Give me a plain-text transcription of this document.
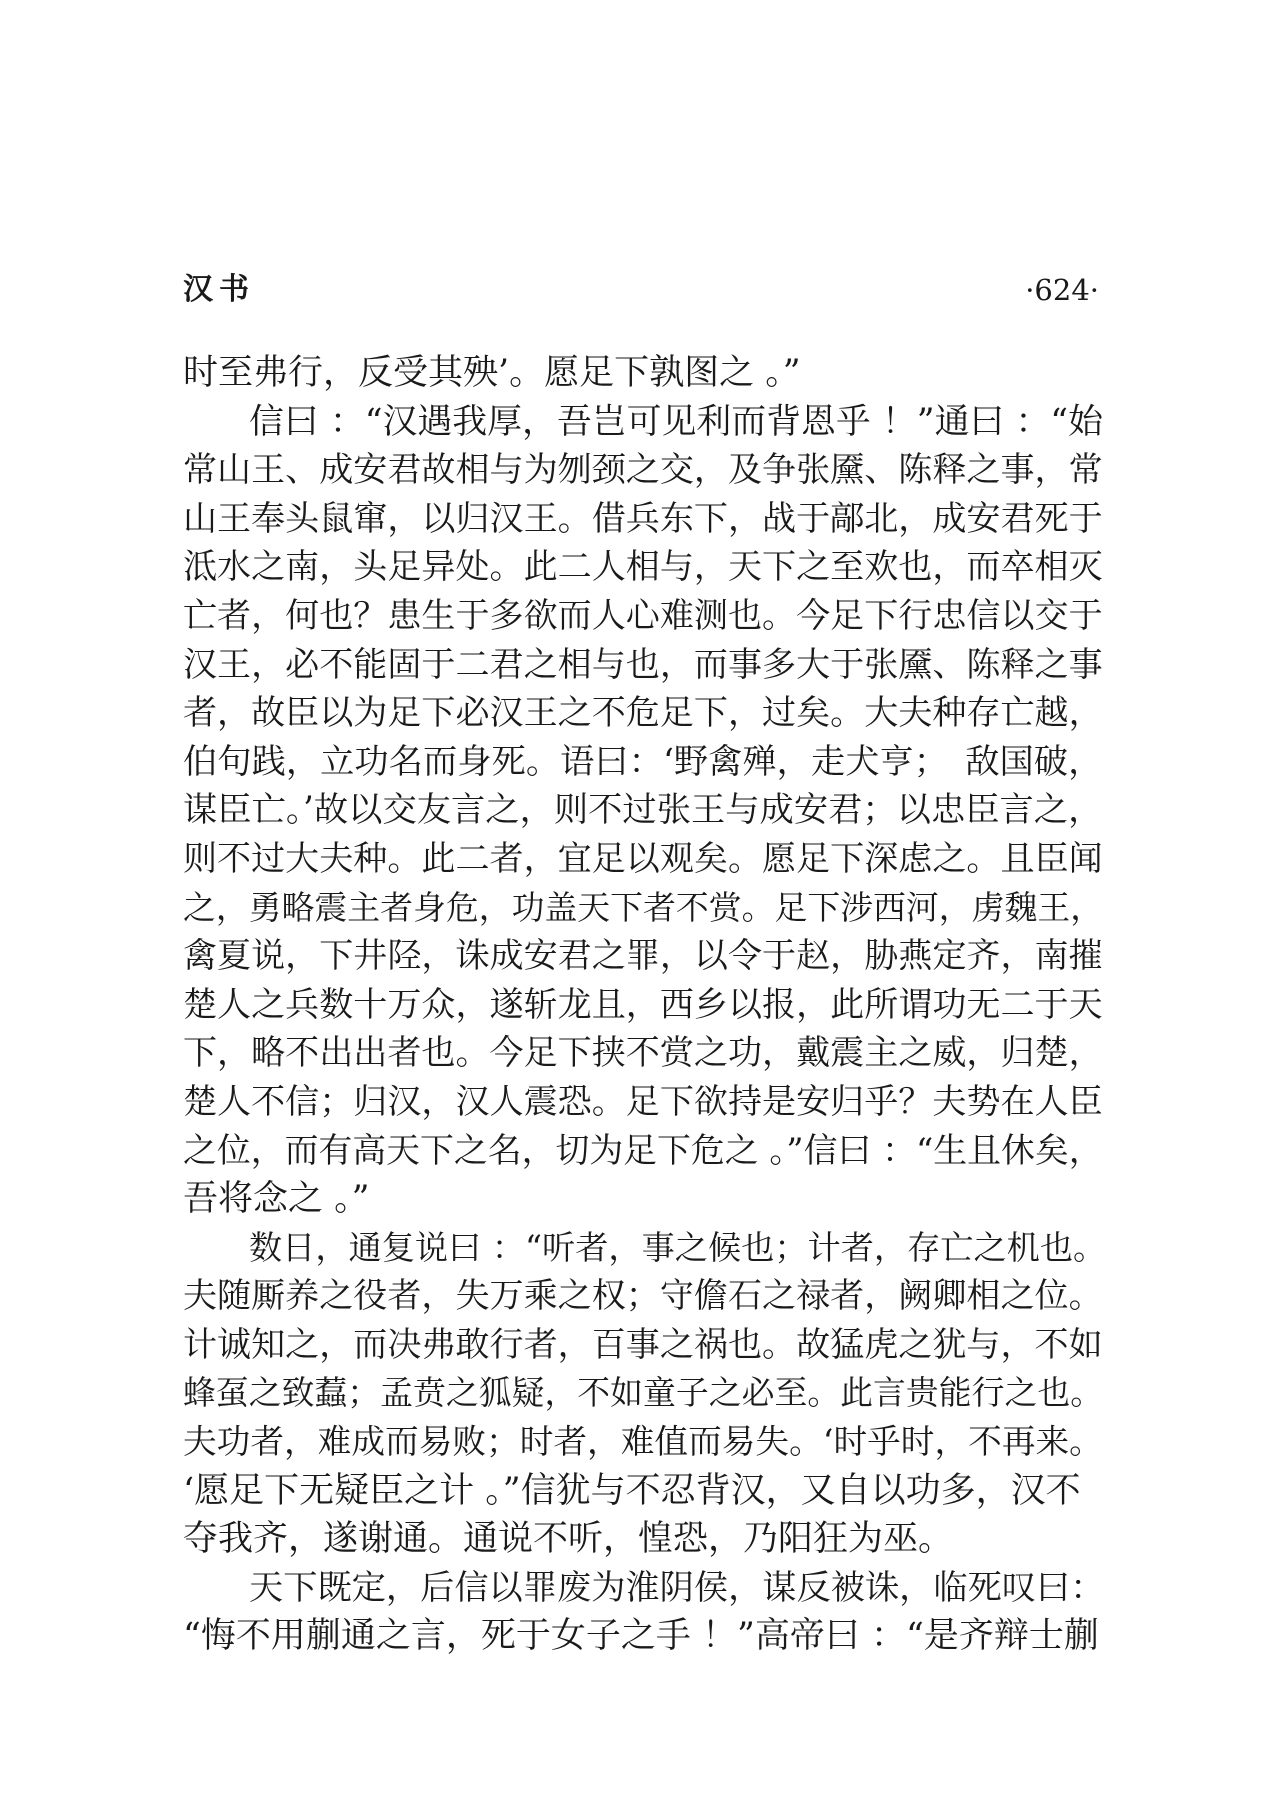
汉书	·624·
时至弗行，反受其殃’。愿足下孰图之 。”
信曰 ：“汉遇我厚，吾岂可见利而背恩乎 ！”通曰 ：“始
常山王、成安君故相与为刎颈之交，及争张黡、陈释之事，常
山王奉头鼠窜，以归汉王。借兵东下，战于鄗北，成安君死于
泜水之南，头足异处。此二人相与，天下之至欢也，而卒相灭
亡者，何也？患生于多欲而人心难测也。今足下行忠信以交于
汉王，必不能固于二君之相与也，而事多大于张黡、陈释之事
者，故臣以为足下必汉王之不危足下，过矣。大夫种存亡越，
伯句践，立功名而身死。语曰：‘野禽殚，走犬亨；　敌国破，
谋臣亡。’故以交友言之，则不过张王与成安君；以忠臣言之，
则不过大夫种。此二者，宜足以观矣。愿足下深虑之。且臣闻
之，勇略震主者身危，功盖天下者不赏。足下涉西河，虏魏王，
禽夏说，下井陉，诛成安君之罪，以令于赵，胁燕定齐，南摧
楚人之兵数十万众，遂斩龙且，西乡以报，此所谓功无二于天
下，略不出出者也。今足下挟不赏之功，戴震主之威，归楚，
楚人不信；归汉，汉人震恐。足下欲持是安归乎？夫势在人臣
之位，而有高天下之名，切为足下危之 。”信曰 ：“生且休矣，
吾将念之 。”
数日，通复说曰 ：“听者，事之候也；计者，存亡之机也。
夫随厮养之役者，失万乘之权；守儋石之禄者，阙卿相之位。
计诚知之，而决弗敢行者，百事之祸也。故猛虎之犹与，不如
蜂虿之致蠚；孟贲之狐疑，不如童子之必至。此言贵能行之也。
夫功者，难成而易败；时者，难值而易失。‘时乎时，不再来。
‘愿足下无疑臣之计 。”信犹与不忍背汉，又自以功多，汉不
夺我齐，遂谢通。通说不听，惶恐，乃阳狂为巫。
天下既定，后信以罪废为淮阴侯，谋反被诛，临死叹曰：
“悔不用蒯通之言，死于女子之手 ！”高帝曰 ：“是齐辩士蒯
